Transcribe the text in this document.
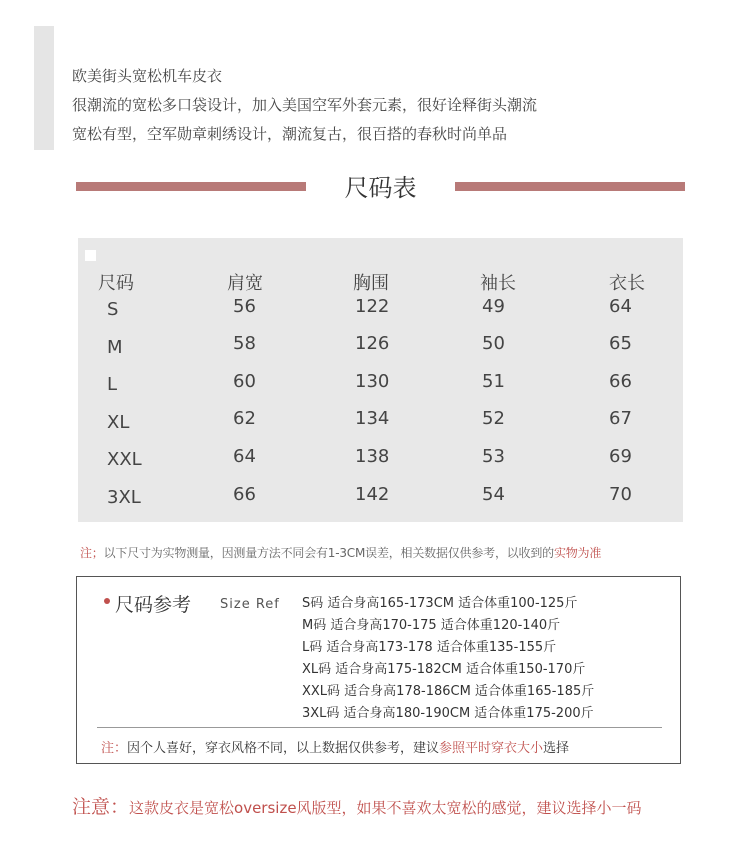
欧美街头宽松机车皮衣
很潮流的宽松多口袋设计，加入美国空军外套元素，很好诠释街头潮流
宽松有型，空军勋章刺绣设计，潮流复古，很百搭的春秋时尚单品
尺码表
尺码	肩宽	胸围	袖长	衣长
S	56	122	49	64
M	58	126	50	65
L	60	130	51	66
XL	62	134	52	67
XXL	64	138	53	69
3XL	66	142	54	70
注；以下尺寸为实物测量，因测量方法不同会有1-3CM误差，相关数据仅供参考，以收到的实物为准
尺码参考 Size Ref S码 适合身高165-173CM 适合体重100-125斤
M码 适合身高170-175 适合体重120-140斤
L码 适合身高173-178 适合体重135-155斤
XL码 适合身高175-182CM 适合体重150-170斤
XXL码 适合身高178-186CM 适合体重165-185斤
3XL码 适合身高180-190CM 适合体重175-200斤
注：因个人喜好，穿衣风格不同，以上数据仅供参考，建议参照平时穿衣大小选择
注意：这款皮衣是宽松oversize风版型，如果不喜欢太宽松的感觉，建议选择小一码
